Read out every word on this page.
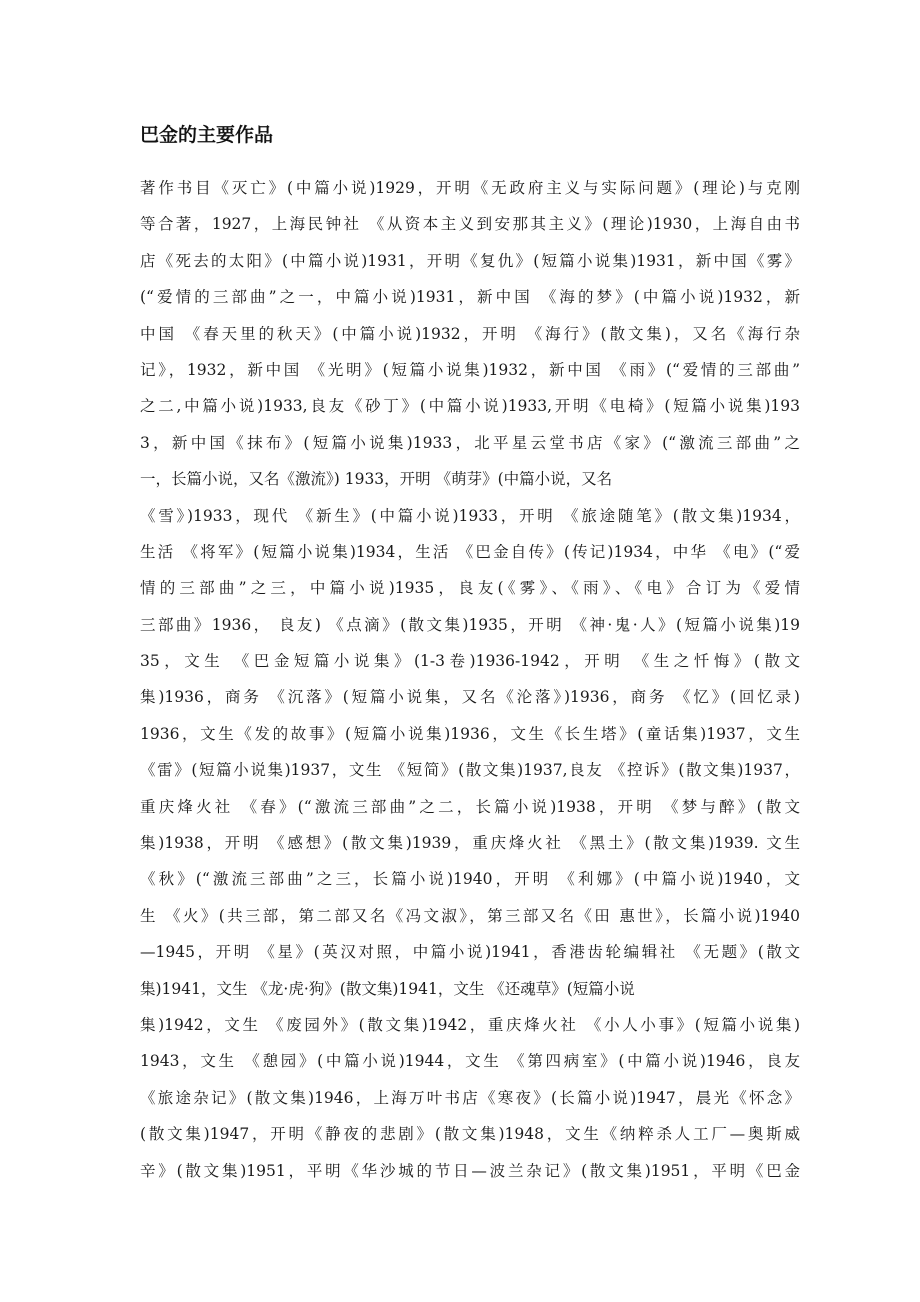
巴金的主要作品
著作书目《灭亡》(中篇小说)1929，开明《无政府主义与实际问题》(理论)与克刚
等合著，1927，上海民钟社 《从资本主义到安那其主义》(理论)1930，上海自由书
店《死去的太阳》(中篇小说)1931，开明《复仇》(短篇小说集)1931，新中国《雾》
(“爱情的三部曲”之一，中篇小说)1931，新中国 《海的梦》(中篇小说)1932，新
中国 《春天里的秋天》(中篇小说)1932，开明 《海行》(散文集)，又名《海行杂
记》，1932，新中国 《光明》(短篇小说集)1932，新中国 《雨》(“爱情的三部曲”
之二,中篇小说)1933,良友《砂丁》(中篇小说)1933,开明《电椅》(短篇小说集)193
3，新中国《抹布》(短篇小说集)1933，北平星云堂书店《家》(“激流三部曲”之
一，长篇小说，又名《激流》) 1933，开明 《萌芽》(中篇小说，又名
《雪》)1933，现代 《新生》(中篇小说)1933，开明 《旅途随笔》(散文集)1934，
生活 《将军》(短篇小说集)1934，生活 《巴金自传》(传记)1934，中华 《电》(“爱
情的三部曲”之三，中篇小说)1935，良友(《雾》、《雨》、《电》合订为《爱情
三部曲》1936， 良友) 《点滴》(散文集)1935，开明 《神·鬼·人》(短篇小说集)19
35，文生 《巴金短篇小说集》(1-3卷)1936-1942，开明 《生之忏悔》(散文
集)1936，商务 《沉落》(短篇小说集，又名《沦落》)1936，商务 《忆》(回忆录)
1936，文生《发的故事》(短篇小说集)1936，文生《长生塔》(童话集)1937，文生
《雷》(短篇小说集)1937，文生 《短简》(散文集)1937,良友 《控诉》(散文集)1937，
重庆烽火社 《春》(“激流三部曲”之二，长篇小说)1938，开明 《梦与醉》(散文
集)1938，开明 《感想》(散文集)1939，重庆烽火社 《黑土》(散文集)1939. 文生
《秋》(“激流三部曲”之三，长篇小说)1940，开明 《利娜》(中篇小说)1940，文
生 《火》(共三部，第二部又名《冯文淑》，第三部又名《田 惠世》，长篇小说)1940
—1945，开明 《星》(英汉对照，中篇小说)1941，香港齿轮编辑社 《无题》(散文
集)1941，文生 《龙·虎·狗》(散文集)1941，文生 《还魂草》(短篇小说
集)1942，文生 《废园外》(散文集)1942，重庆烽火社 《小人小事》(短篇小说集)
1943，文生 《憩园》(中篇小说)1944，文生 《第四病室》(中篇小说)1946，良友
《旅途杂记》(散文集)1946，上海万叶书店《寒夜》(长篇小说)1947，晨光《怀念》
(散文集)1947，开明《静夜的悲剧》(散文集)1948，文生《纳粹杀人工厂—奥斯威
辛》(散文集)1951，平明《华沙城的节日—波兰杂记》(散文集)1951，平明《巴金
